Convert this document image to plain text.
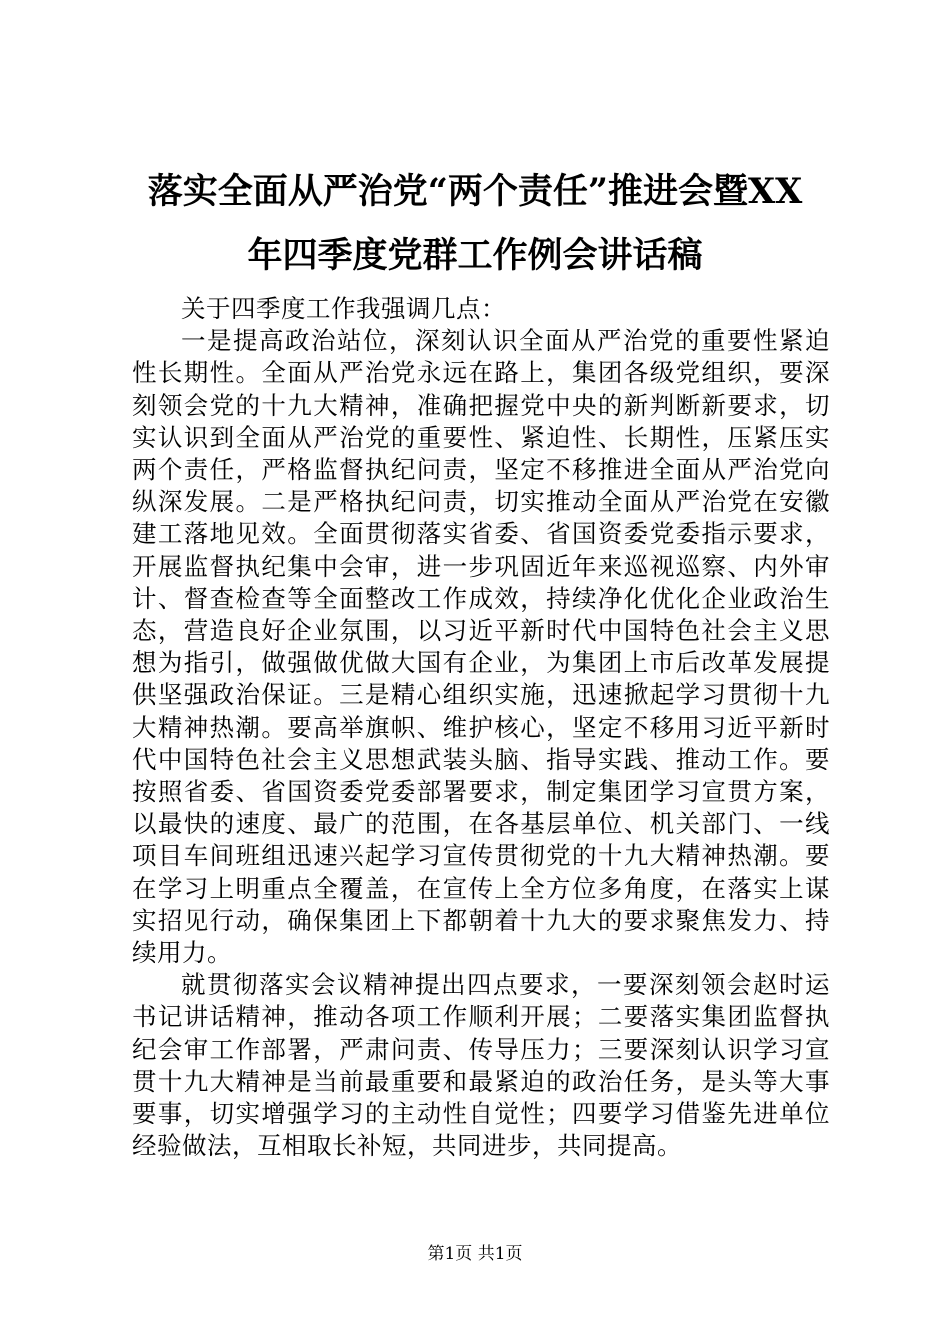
落实全面从严治党“两个责任”推进会暨XX
年四季度党群工作例会讲话稿

关于四季度工作我强调几点：

一是提高政治站位，深刻认识全面从严治党的重要性紧迫性长期性。全面从严治党永远在路上，集团各级党组织，要深刻领会党的十九大精神，准确把握党中央的新判断新要求，切实认识到全面从严治党的重要性、紧迫性、长期性，压紧压实两个责任，严格监督执纪问责，坚定不移推进全面从严治党向纵深发展。二是严格执纪问责，切实推动全面从严治党在安徽建工落地见效。全面贯彻落实省委、省国资委党委指示要求，开展监督执纪集中会审，进一步巩固近年来巡视巡察、内外审计、督查检查等全面整改工作成效，持续净化优化企业政治生态，营造良好企业氛围，以习近平新时代中国特色社会主义思想为指引，做强做优做大国有企业，为集团上市后改革发展提供坚强政治保证。三是精心组织实施，迅速掀起学习贯彻十九大精神热潮。要高举旗帜、维护核心，坚定不移用习近平新时代中国特色社会主义思想武装头脑、指导实践、推动工作。要按照省委、省国资委党委部署要求，制定集团学习宣贯方案，以最快的速度、最广的范围，在各基层单位、机关部门、一线项目车间班组迅速兴起学习宣传贯彻党的十九大精神热潮。要在学习上明重点全覆盖，在宣传上全方位多角度，在落实上谋实招见行动，确保集团上下都朝着十九大的要求聚焦发力、持续用力。

就贯彻落实会议精神提出四点要求，一要深刻领会赵时运书记讲话精神，推动各项工作顺利开展；二要落实集团监督执纪会审工作部署，严肃问责、传导压力；三要深刻认识学习宣贯十九大精神是当前最重要和最紧迫的政治任务，是头等大事要事，切实增强学习的主动性自觉性；四要学习借鉴先进单位经验做法，互相取长补短，共同进步，共同提高。

第1页 共1页
